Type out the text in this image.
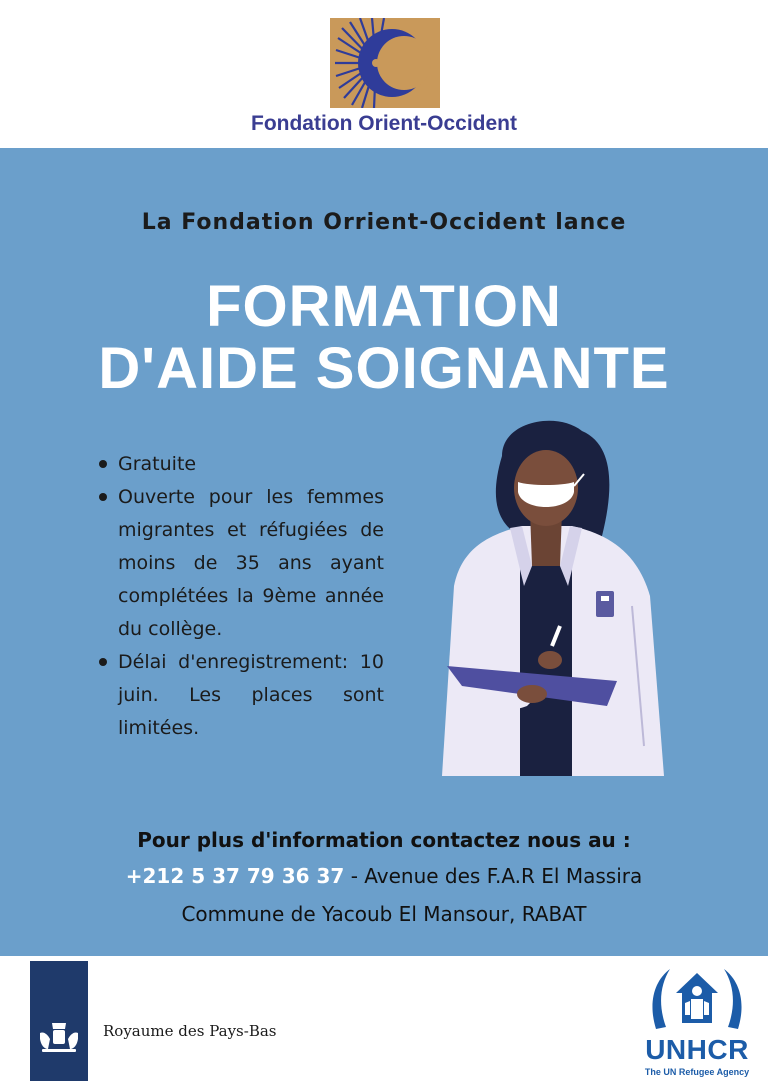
Fondation Orient-Occident
La Fondation Orrient-Occident lance
FORMATION
D'AIDE SOIGNANTE
Gratuite
Ouverte pour les femmes migrantes et réfugiées de moins de 35 ans ayant complétées la 9ème année du collège.
Délai d'enregistrement: 10 juin. Les places sont limitées.
Pour plus d'information contactez nous au :
+212 5 37 79 36 37 - Avenue des F.A.R El Massira
Commune de Yacoub El Mansour, RABAT
Royaume des Pays-Bas
UNHCR
The UN Refugee Agency
